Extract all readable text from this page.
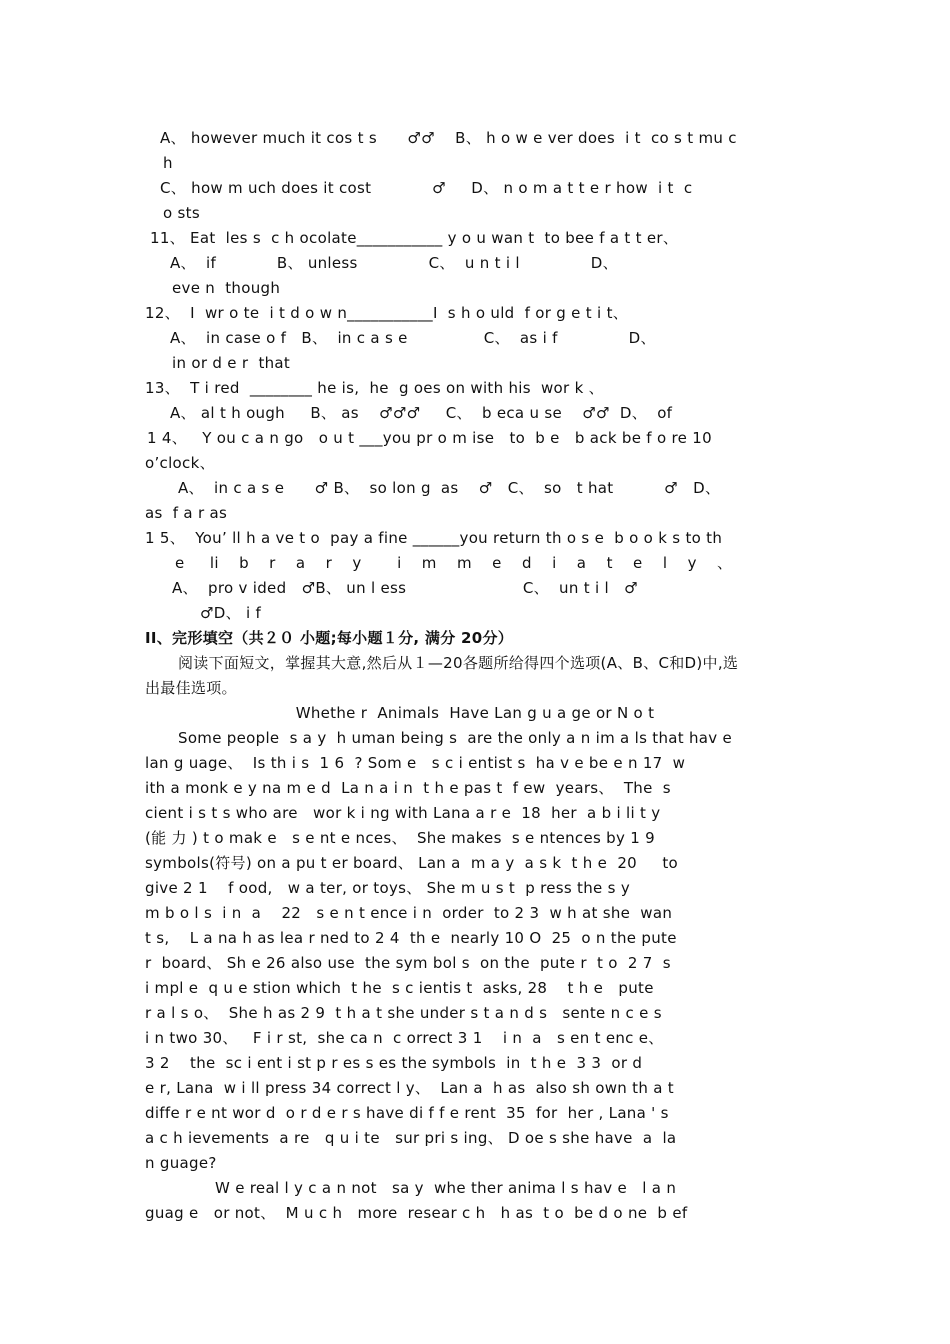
A、 however much it cos t s      ♂♂    B、 h o w e ver does  i t  co s t mu c
h
C、 how m uch does it cost            ♂     D、 n o m a t t e r how  i t  c
o sts
11、 Eat  les s  c h ocolate___________ y o u wan t  to bee f a t t er、
A、  if            B、 unless              C、  u n t i l              D、
eve n  though
12、  I  wr o te  i t d o w n___________I  s h o uld  f or g e t i t、
A、  in case o f   B、  in c a s e               C、  as i f              D、
in or d e r  that
13、  T i red  ________ he is,  he  g oes on with his  wor k 、
A、 al t h ough     B、 as    ♂♂♂     C、  b eca u se    ♂♂  D、  of
1 4、   Y ou c a n go   o u t ___you pr o m ise   to  b e   b ack be f o re 10
o’clock、
A、  in c a s e      ♂ B、  so lon g  as    ♂   C、  so   t hat          ♂   D、
as  f a r as
1 5、  You’ ll h a ve t o  pay a fine ______you return th o s e  b o o k s to th
e     li    b    r    a    r    y       i    m    m    e    d    i    a    t    e    l    y    、
A、  pro v ided   ♂B、 un l ess                       C、  un t i l   ♂
♂D、 i f
II、完形填空（共２０ 小题;每小题１分, 满分 20分）
阅读下面短文，掌握其大意,然后从１—20各题所给得四个选项(A、B、C和D)中,选
出最佳选项。
Whethe r  Animals  Have Lan g u a ge or N o t
Some people  s a y  h uman being s  are the only a n im a ls that hav e
lan g uage、  Is th i s  1 6  ? Som e   s c i entist s  ha v e be e n 17  w
ith a monk e y na m e d  La n a i n  t h e pas t  f ew  years、  The  s
cient i s t s who are   wor k i ng with Lana a r e  18  her  a b i li t y
(能 力 ) t o mak e   s e nt e nces、  She makes  s e ntences by 1 9
symbols(符号) on a pu t er board、 Lan a  m a y  a s k  t h e  20     to
give 2 1    f ood,   w a ter, or toys、 She m u s t  p ress the s y
m b o l s  i n  a    22   s e n t ence i n  order  to 2 3  w h at she  wan
t s,    L a na h as lea r ned to 2 4  th e  nearly 10 O  25  o n the pute
r  board、 Sh e 26 also use  the sym bol s  on the  pute r  t o  2 7  s
i mpl e  q u e stion which  t he  s c ientis t  asks, 28    t h e   pute
r a l s o、  She h as 2 9  t h a t she under s t a n d s   sente n c e s
i n two 30、   F i r st,  she ca n  c orrect 3 1    i n  a   s en t enc e、
3 2    the  sc i ent i st p r es s es the symbols  in  t h e  3 3  or d
e r, Lana  w i ll press 34 correct l y、  Lan a  h as  also sh own th a t
diffe r e nt wor d  o r d e r s have di f f e rent  35  for  her , Lana ' s
a c h ievements  a re   q u i te   sur pri s ing、 D oe s she have  a  la
n guage?
W e real l y c a n not   sa y  whe ther anima l s hav e   l a n
guag e   or not、  M u c h   more  resear c h   h as  t o  be d o ne  b ef
